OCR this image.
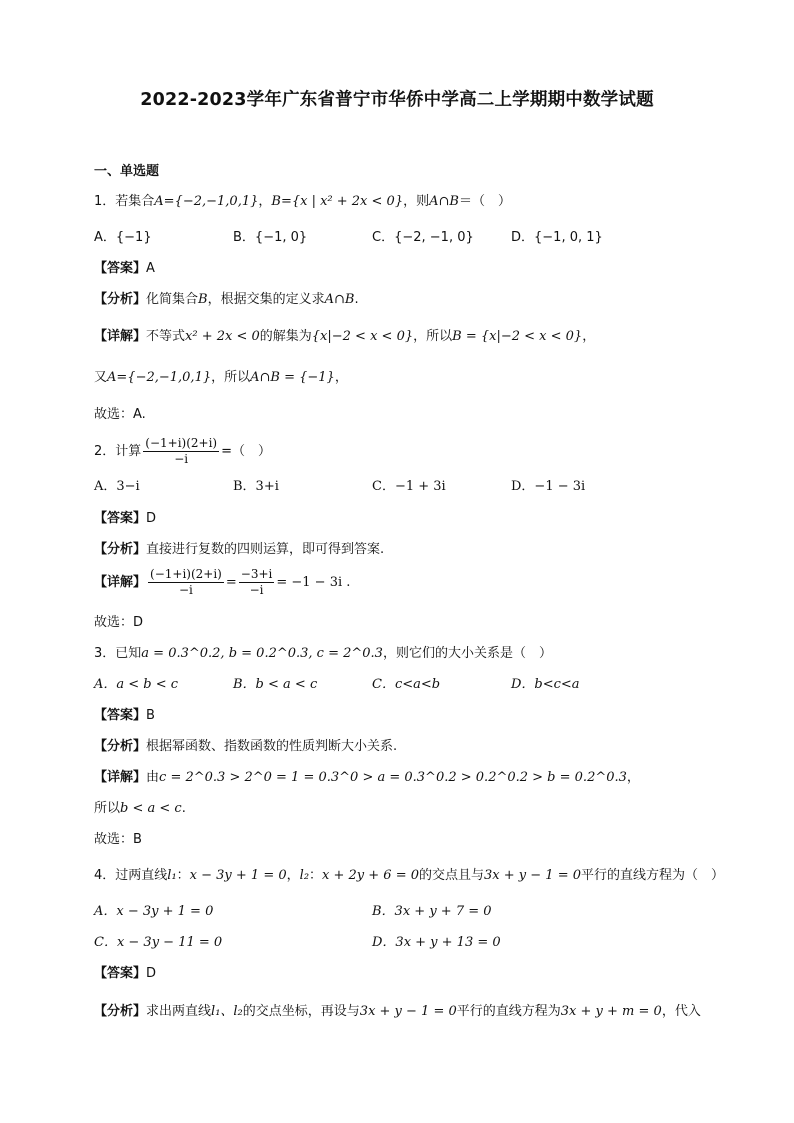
2022-2023学年广东省普宁市华侨中学高二上学期期中数学试题
一、单选题
1．若集合A={−2,−1,0,1}，B={x | x² + 2x < 0}，则A∩B＝（　）
A．{−1}	B．{−1, 0}	C．{−2, −1, 0}	D．{−1, 0, 1}
【答案】A
【分析】化简集合B，根据交集的定义求A∩B.
【详解】不等式x² + 2x < 0的解集为{x|−2 < x < 0}，所以B = {x|−2 < x < 0}，
又A={−2,−1,0,1}，所以A∩B = {−1}，
故选：A.
2．计算 $\frac{(-1+i)(2+i)}{-i}$ =（　）
A．3−i	B．3+i	C．−1 + 3i	D．−1 − 3i
【答案】D
【分析】直接进行复数的四则运算，即可得到答案.
【详解】 $\frac{(-1+i)(2+i)}{-i} = \frac{-3+i}{-i} = -1 - 3i$ .
故选：D
3．已知a = 0.3^0.2, b = 0.2^0.3, c = 2^0.3，则它们的大小关系是（　）
A．a < b < c	B．b < a < c	C．c<a<b	D．b<c<a
【答案】B
【分析】根据幂函数、指数函数的性质判断大小关系.
【详解】由c = 2^0.3 > 2^0 = 1 = 0.3^0 > a = 0.3^0.2 > 0.2^0.2 > b = 0.2^0.3，
所以b < a < c.
故选：B
4．过两直线l₁：x − 3y + 1 = 0，l₂：x + 2y + 6 = 0的交点且与3x + y − 1 = 0平行的直线方程为（　）
A．x − 3y + 1 = 0	B．3x + y + 7 = 0
C．x − 3y − 11 = 0	D．3x + y + 13 = 0
【答案】D
【分析】求出两直线l₁、l₂的交点坐标，再设与3x + y − 1 = 0平行的直线方程为3x + y + m = 0，代入
